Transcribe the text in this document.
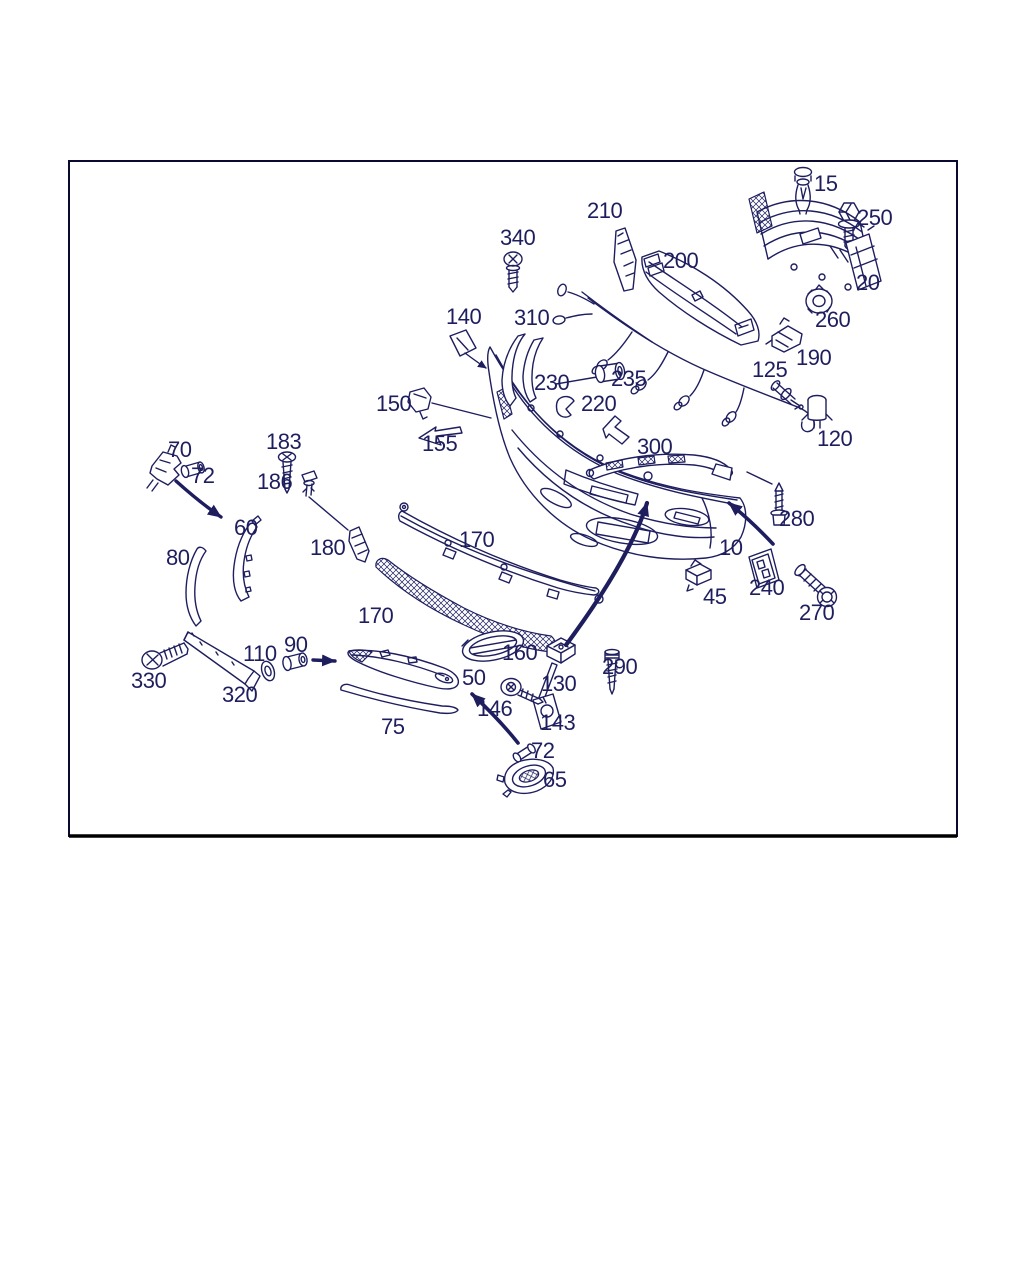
15
250
210
200
20
340
260
140 310
190
230 235	125
220
150
120
183	155	300
70
72 186
60	280
80	180	170	10
45 240
270
170
160
110 90
330
320
50	130
290
146
143
75
72
65
